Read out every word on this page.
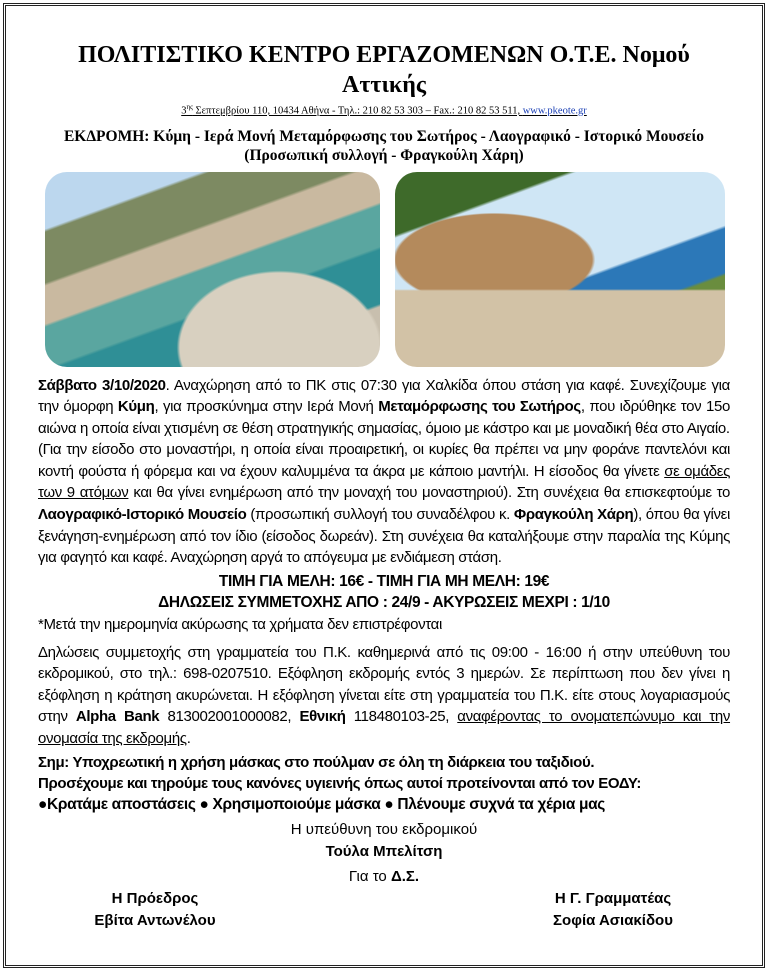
ΠΟΛΙΤΙΣΤΙΚΟ ΚΕΝΤΡΟ ΕΡΓΑΖΟΜΕΝΩΝ Ο.Τ.Ε. Νομού Αττικής
$3^{\eta\varsigma}$ Σεπτεμβρίου 110, 10434 Αθήνα - Τηλ.: 210 82 53 303 – Fax.: 210 82 53 511, www.pkeote.gr
ΕΚΔΡΟΜΗ: Κύμη - Ιερά Μονή Μεταμόρφωσης του Σωτήρος - Λαογραφικό - Ιστορικό Μουσείο
(Προσωπική συλλογή - Φραγκούλη Χάρη)
Σάββατο 3/10/2020. Αναχώρηση από το ΠΚ στις 07:30 για Χαλκίδα όπου στάση για καφέ. Συνεχίζουμε για την όμορφη Κύμη, για προσκύνημα στην Ιερά Μονή Μεταμόρφωσης του Σωτήρος, που ιδρύθηκε τον 15ο αιώνα η οποία είναι χτισμένη σε θέση στρατηγικής σημασίας, όμοιο με κάστρο και με μοναδική θέα στο Αιγαίο.
(Για την είσοδο στο μοναστήρι, η οποία είναι προαιρετική, οι κυρίες θα πρέπει να μην φοράνε παντελόνι και κοντή φούστα ή φόρεμα και να έχουν καλυμμένα τα άκρα με κάποιο μαντήλι. Η είσοδος θα γίνετε σε ομάδες των 9 ατόμων και θα γίνει ενημέρωση από την μοναχή του μοναστηριού). Στη συνέχεια θα επισκεφτούμε το Λαογραφικό-Ιστορικό Μουσείο (προσωπική συλλογή του συναδέλφου κ. Φραγκούλη Χάρη), όπου θα γίνει ξενάγηση-ενημέρωση από τον ίδιο (είσοδος δωρεάν). Στη συνέχεια θα καταλήξουμε στην παραλία της Κύμης για φαγητό και καφέ. Αναχώρηση αργά το απόγευμα με ενδιάμεση στάση.
ΤΙΜΗ ΓΙΑ ΜΕΛΗ: 16€ - ΤΙΜΗ ΓΙΑ ΜΗ ΜΕΛΗ: 19€
ΔΗΛΩΣΕΙΣ ΣΥΜΜΕΤΟΧΗΣ ΑΠΟ : 24/9 - ΑΚΥΡΩΣΕΙΣ ΜΕΧΡΙ : 1/10
*Μετά την ημερομηνία ακύρωσης τα χρήματα δεν επιστρέφονται
Δηλώσεις συμμετοχής στη γραμματεία του Π.Κ. καθημερινά από τις 09:00 - 16:00 ή στην υπεύθυνη του εκδρομικού, στο τηλ.: 698-0207510. Εξόφληση εκδρομής εντός 3 ημερών. Σε περίπτωση που δεν γίνει η εξόφληση η κράτηση ακυρώνεται. Η εξόφληση γίνεται είτε στη γραμματεία του Π.Κ. είτε στους λογαριασμούς στην Alpha Bank 813002001000082, Εθνική 118480103-25, αναφέροντας το ονοματεπώνυμο και την ονομασία της εκδρομής.
Σημ: Υποχρεωτική η χρήση μάσκας στο πούλμαν σε όλη τη διάρκεια του ταξιδιού.
Προσέχουμε και τηρούμε τους κανόνες υγιεινής όπως αυτοί προτείνονται από τον ΕΟΔΥ:
●Κρατάμε αποστάσεις ● Χρησιμοποιούμε μάσκα ● Πλένουμε συχνά τα χέρια μας
Η υπεύθυνη του εκδρομικού
Τούλα Μπελίτση
Για το Δ.Σ.
Η Πρόεδρος
Εβίτα Αντωνέλου
Η Γ. Γραμματέας
Σοφία Ασιακίδου
